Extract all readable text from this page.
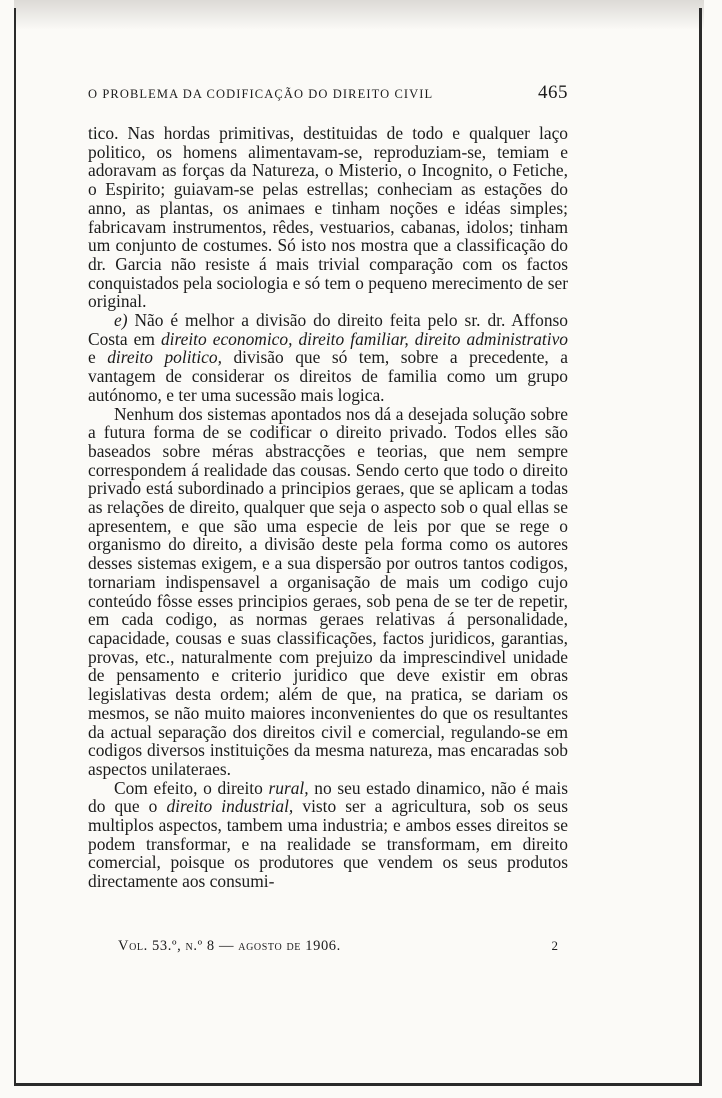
O PROBLEMA DA CODIFICAÇÃO DO DIREITO CIVIL	465

tico. Nas hordas primitivas, destituidas de todo e qualquer laço politico, os homens alimentavam-se, reproduziam-se, temiam e adoravam as forças da Natureza, o Misterio, o Incognito, o Fetiche, o Espirito; guiavam-se pelas estrellas; conheciam as estações do anno, as plantas, os animaes e tinham noções e idéas simples; fabricavam instrumentos, rêdes, vestuarios, cabanas, idolos; tinham um conjunto de costumes. Só isto nos mostra que a classificação do dr. Garcia não resiste á mais trivial comparação com os factos conquistados pela sociologia e só tem o pequeno merecimento de ser original.

e) Não é melhor a divisão do direito feita pelo sr. dr. Affonso Costa em direito economico, direito familiar, direito administrativo e direito politico, divisão que só tem, sobre a precedente, a vantagem de considerar os direitos de familia como um grupo autónomo, e ter uma sucessão mais logica.

Nenhum dos sistemas apontados nos dá a desejada solução sobre a futura forma de se codificar o direito privado. Todos elles são baseados sobre méras abstracções e teorias, que nem sempre correspondem á realidade das cousas. Sendo certo que todo o direito privado está subordinado a principios geraes, que se aplicam a todas as relações de direito, qualquer que seja o aspecto sob o qual ellas se apresentem, e que são uma especie de leis por que se rege o organismo do direito, a divisão deste pela forma como os autores desses sistemas exigem, e a sua dispersão por outros tantos codigos, tornariam indispensavel a organisação de mais um codigo cujo conteúdo fôsse esses principios geraes, sob pena de se ter de repetir, em cada codigo, as normas geraes relativas á personalidade, capacidade, cousas e suas classificações, factos juridicos, garantias, provas, etc., naturalmente com prejuizo da imprescindivel unidade de pensamento e criterio juridico que deve existir em obras legislativas desta ordem; além de que, na pratica, se dariam os mesmos, se não muito maiores inconvenientes do que os resultantes da actual separação dos direitos civil e comercial, regulando-se em codigos diversos instituições da mesma natureza, mas encaradas sob aspectos unilateraes.

Com efeito, o direito rural, no seu estado dinamico, não é mais do que o direito industrial, visto ser a agricultura, sob os seus multiplos aspectos, tambem uma industria; e ambos esses direitos se podem transformar, e na realidade se transformam, em direito comercial, poisque os produtores que vendem os seus produtos directamente aos consumi-

Vol. 53.º, n.º 8 — agosto de 1906.	2
